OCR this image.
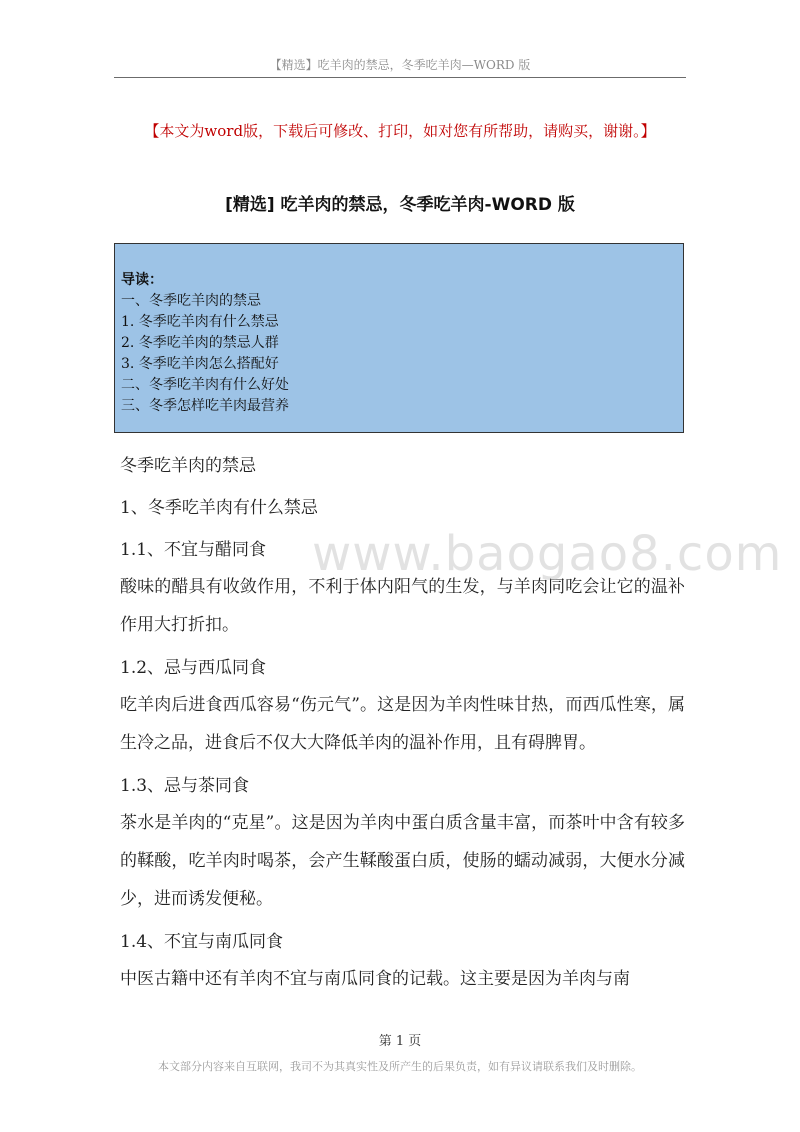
【精选】吃羊肉的禁忌，冬季吃羊肉—WORD 版
【本文为word版，下载后可修改、打印，如对您有所帮助，请购买，谢谢。】
[精选] 吃羊肉的禁忌，冬季吃羊肉-WORD 版
导读：
一、冬季吃羊肉的禁忌
1. 冬季吃羊肉有什么禁忌
2. 冬季吃羊肉的禁忌人群
3. 冬季吃羊肉怎么搭配好
二、冬季吃羊肉有什么好处
三、冬季怎样吃羊肉最营养

冬季吃羊肉的禁忌

1、冬季吃羊肉有什么禁忌

1.1、不宜与醋同食

酸味的醋具有收敛作用，不利于体内阳气的生发，与羊肉同吃会让它的温补作用大打折扣。

1.2、忌与西瓜同食

吃羊肉后进食西瓜容易“伤元气”。这是因为羊肉性味甘热，而西瓜性寒，属生冷之品，进食后不仅大大降低羊肉的温补作用，且有碍脾胃。

1.3、忌与茶同食

茶水是羊肉的“克星”。这是因为羊肉中蛋白质含量丰富，而茶叶中含有较多的鞣酸，吃羊肉时喝茶，会产生鞣酸蛋白质，使肠的蠕动减弱，大便水分减少，进而诱发便秘。

1.4、不宜与南瓜同食

中医古籍中还有羊肉不宜与南瓜同食的记载。这主要是因为羊肉与南

www.baogao8.com
第 1 页
本文部分内容来自互联网，我司不为其真实性及所产生的后果负责，如有异议请联系我们及时删除。
